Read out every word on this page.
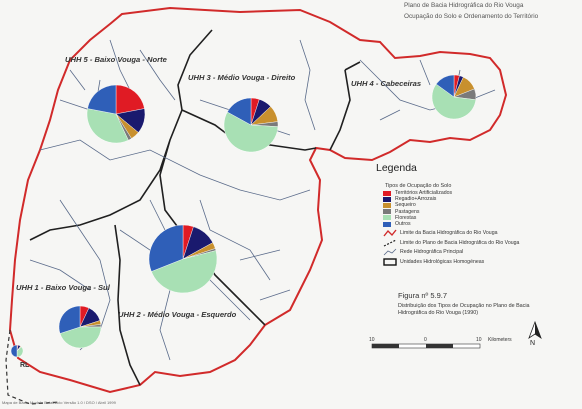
Plano de Bacia Hidrográfica do Rio Vouga
Ocupação do Solo e Ordenamento do Território
UHH 5 - Baixo Vouga - Norte
UHH 3 - Médio Vouga - Direito
UHH 4 - Cabeceiras
UHH 2 - Médio Vouga - Esquerdo
UHH 1 - Baixo Vouga - Sul
RL
Legenda
Tipos de Ocupação do Solo
Territórios Artificializados
Regadio+Arrozais
Sequeiro
Pastagens
Florestas
Outros
Limite da Bacia Hidrográfica do Rio Vouga
Limite do Plano de Bacia Hidrográfica do Rio Vouga
Rede Hidrográfica Principal
Unidades Hidrológicas Homogéneas
Figura nº 5.9.7
Distribuição dos Tipos de Ocupação no Plano de Bacia Hidrográfica do Rio Vouga (1990)
10	0	10 Kilometers	N
Mapa de Base: Modelo Estatistico Versão 1.0 / DSO / Abril 1999
